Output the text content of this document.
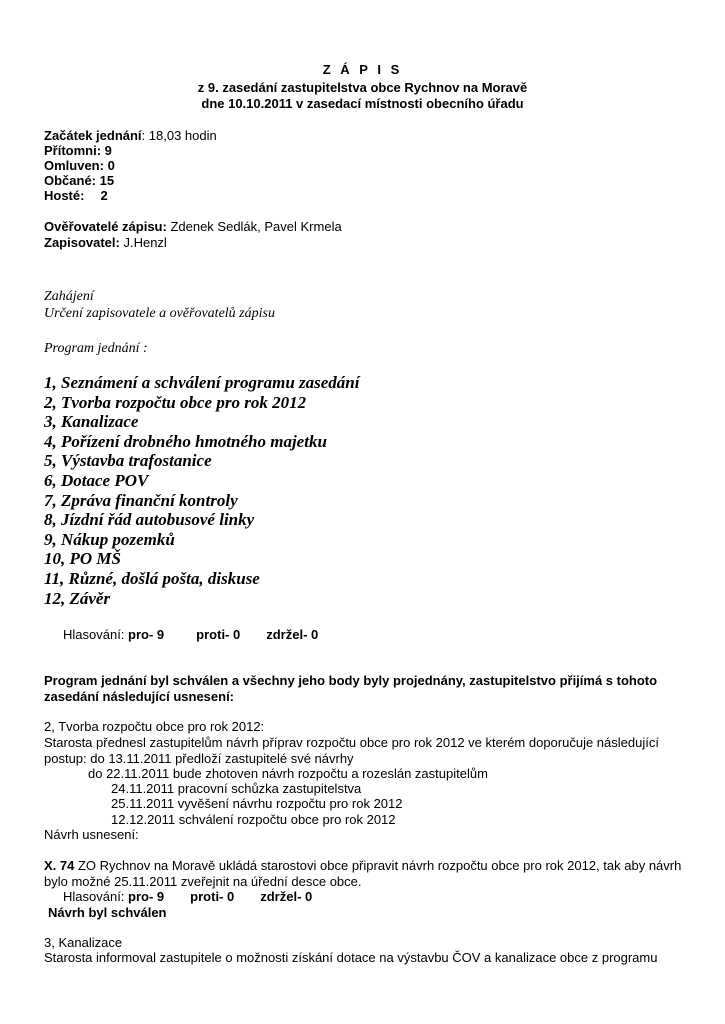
Z Á P I S
z 9. zasedání zastupitelstva obce Rychnov na Moravě
dne 10.10.2011 v zasedací místnosti obecního úřadu
Začátek jednání: 18,03 hodin
Přítomni: 9
Omluven: 0
Občané: 15
Hosté: 2
Ověřovatelé zápisu: Zdenek Sedlák, Pavel Krmela
Zapisovatel: J.Henzl
Zahájení
Určení zapisovatele a ověřovatelů zápisu
Program jednání :
1, Seznámení a schválení programu zasedání
2, Tvorba rozpočtu obce pro rok 2012
3, Kanalizace
4, Pořízení drobného hmotného majetku
5, Výstavba trafostanice
6, Dotace POV
7, Zpráva finanční kontroly
8, Jízdní řád autobusové linky
9, Nákup pozemků
10, PO MŠ
11, Různé, došlá pošta, diskuse
12, Závěr
Hlasování: pro- 9 proti- 0 zdržel- 0
Program jednání byl schválen a všechny jeho body byly projednány, zastupitelstvo přijímá s tohoto zasedání následující usnesení:
2, Tvorba rozpočtu obce pro rok 2012:
Starosta přednesl zastupitelům návrh příprav rozpočtu obce pro rok 2012 ve kterém doporučuje následující postup: do 13.11.2011 předloží zastupitelé své návrhy
do 22.11.2011 bude zhotoven návrh rozpočtu a rozeslán zastupitelům
24.11.2011 pracovní schůzka zastupitelstva
25.11.2011 vyvěšení návrhu rozpočtu pro rok 2012
12.12.2011 schválení rozpočtu obce pro rok 2012
Návrh usnesení:
X. 74 ZO Rychnov na Moravě ukládá starostovi obce připravit návrh rozpočtu obce pro rok 2012, tak aby návrh bylo možné 25.11.2011 zveřejnit na úřední desce obce.
Hlasování: pro- 9 proti- 0 zdržel- 0
Návrh byl schválen
3, Kanalizace
Starosta informoval zastupitele o možnosti získání dotace na výstavbu ČOV a kanalizace obce z programu
